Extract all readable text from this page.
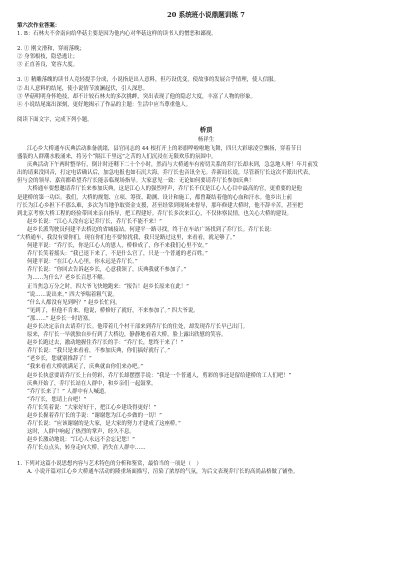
20 系统班小说鼎题训练 7
第六次作业答案：
1. B：石林夫不舍南向给华菇主要是因为他内心对华菇这样的读书人的憎恶和鄙视。
2. ① 刚文滑和，穿雨落晚；
② 身邻根枝，隐恐逃让；
③ 正直善良，宽容大度。
3. ① 精雕落魄的读书人竞轻提手分成，小说指是出人意料，但巧设优变，使故事的发展合乎情理，使人信服。
② 出人意料的结尾，使小说情节波澜起伏，引人深思。
③ 华菇明明身怀绝技，却不计较石林夫的多次挑衅，突出表现了他的隐忍大度，丰富了人物的形象。
④ 小说结尾寓出深刻，更好地揭示了作品的主题：生活中应当尊重他人。
阅读下面文字，完成下列小题。
桥顶
杨祥生
江心乡大桥通车庆典活动准备就绪，县官同志的 44 根打开上的彩旗哗啦啦地飞舞，四只大彩球凌空飘扬，穿着节日
盛装的人群潮水般涌来，将另个“隔江千里远”之苦的人们沉浸在无限欢乐的氛围中。
庆典活动下午两时整举行，倒计时还剩下二十个小时，然而与大桥通车有密切关系的乔厅长却未到，急急地人呀！年月前发
出的请柬没回音，打定电话确认后，加急电报也如石沉大海，乔厅长也音讯全无。乔新局长说，尽管新厅长这次不派出代表，
但与会的领导、嘉宾都希望乔厅长能亲临现场指导。大家意见一致：无论如何要请乔厅长参加庆典！
大桥通车要想邀请乔厅长来参加庆典，这是江心人的强烈呼声，乔厅长不仅是江心人心目中最高的官，更重要的是他
是建桥的第一功臣。我们，大桥的规划、立项、筹资、勘测、设计和施工，都曾凝结着他的心血和汗水。他乡出上前
厅长为江心乡担下不那么难，多次为当地争取资金支援，甚至经常到现场来督导，那年修建大桥时，他不辞辛苦，甚至把
到北京考察大桥工程的经验带回来亲自指导，把工程建好。乔厅长多次来江心，不仅体察民情，也关心大桥的建设。
赵乡长说：“江心人没有忘记乔厅长，乔厅长不能不来！”
赵乡长派驾驶员何建平去桥边的省城接站。何建平一路寻找，终于在车站广场找到了乔厅长。乔厅长说：
“大桥通车，我没有要你们，现在你们也不要惊扰我，我只是路过这里，来看看，就足够了。”
何建平说：“乔厅长，你是江心人的恩人，桥修成了，你不来我们心里不安。”
乔厅长笑着摇头：“我已退下来了，不是什么官了，只是一个普通的老百姓。”
何建平说：“在江心人心里，你永远是乔厅长。”
乔厅长说：“你回去告诉赵乡长，心意我领了，庆典我就不参加了。”
为……为什么？老乡长百思不解。
正当焦急万分之时，四大爷飞快地跑来：“报告！赵乡长原来在此！”
“说……说出来。” 四大爷喘着粗气说。
“什么人都没有见到吗？” 赵乡长忙问。
“见到了，但他不肯来。他说，桥修好了就好，不来参加了。” 四大爷说。
“那……” 赵乡长一时语塞。
赵乡长决定亲自去请乔厅长。他带着几个村干部来到乔厅长的住处，却发现乔厅长早已出门。
原来，乔厅长一早就独自步行到了大桥边，静静地看着大桥，脸上露出欣慰的笑容。
赵乡长跑过去，激动地握住乔厅长的手：“乔厅长，您终于来了！”
乔厅长说：“我只是来看看，不参加庆典，你们搞好就行了。”
“老乡长，您就别推辞了！”
“我来看看大桥就满足了，庆典就由你们来办吧。”
赵乡长执意要请乔厅长上台剪彩，乔厅长却摆摆手说：“我是一个普通人，剪彩的事还是留给建桥的工人们吧！”
庆典开始了，乔厅长站在人群中，和乡亲们一起鼓掌。
“乔厅长来了！” 人群中有人喊道。
“乔厅长，您请上台吧！”
乔厅长笑着说：“大家好好干，把江心乡建设得更好！”
赵乡长握着乔厅长的手说：“谢谢您为江心乡做的一切！”
乔厅长说：“应该谢谢的是大家，是大家的努力才建成了这座桥。”
这时，人群中响起了热烈的掌声，经久不息。
赵乡长激动地说：“江心人永远不会忘记您！”
乔厅长点点头，转身走向大桥，消失在人群中……
1. 下列对这篇小说思想内容与艺术特色的分析和鉴赏，最恰当的一项是（　）
A. 小说开篇对江心乡大桥通车活动的隆重场面描写，渲染了浓厚的气氛，为后文表现乔厅长的高尚品格做了铺垫。
